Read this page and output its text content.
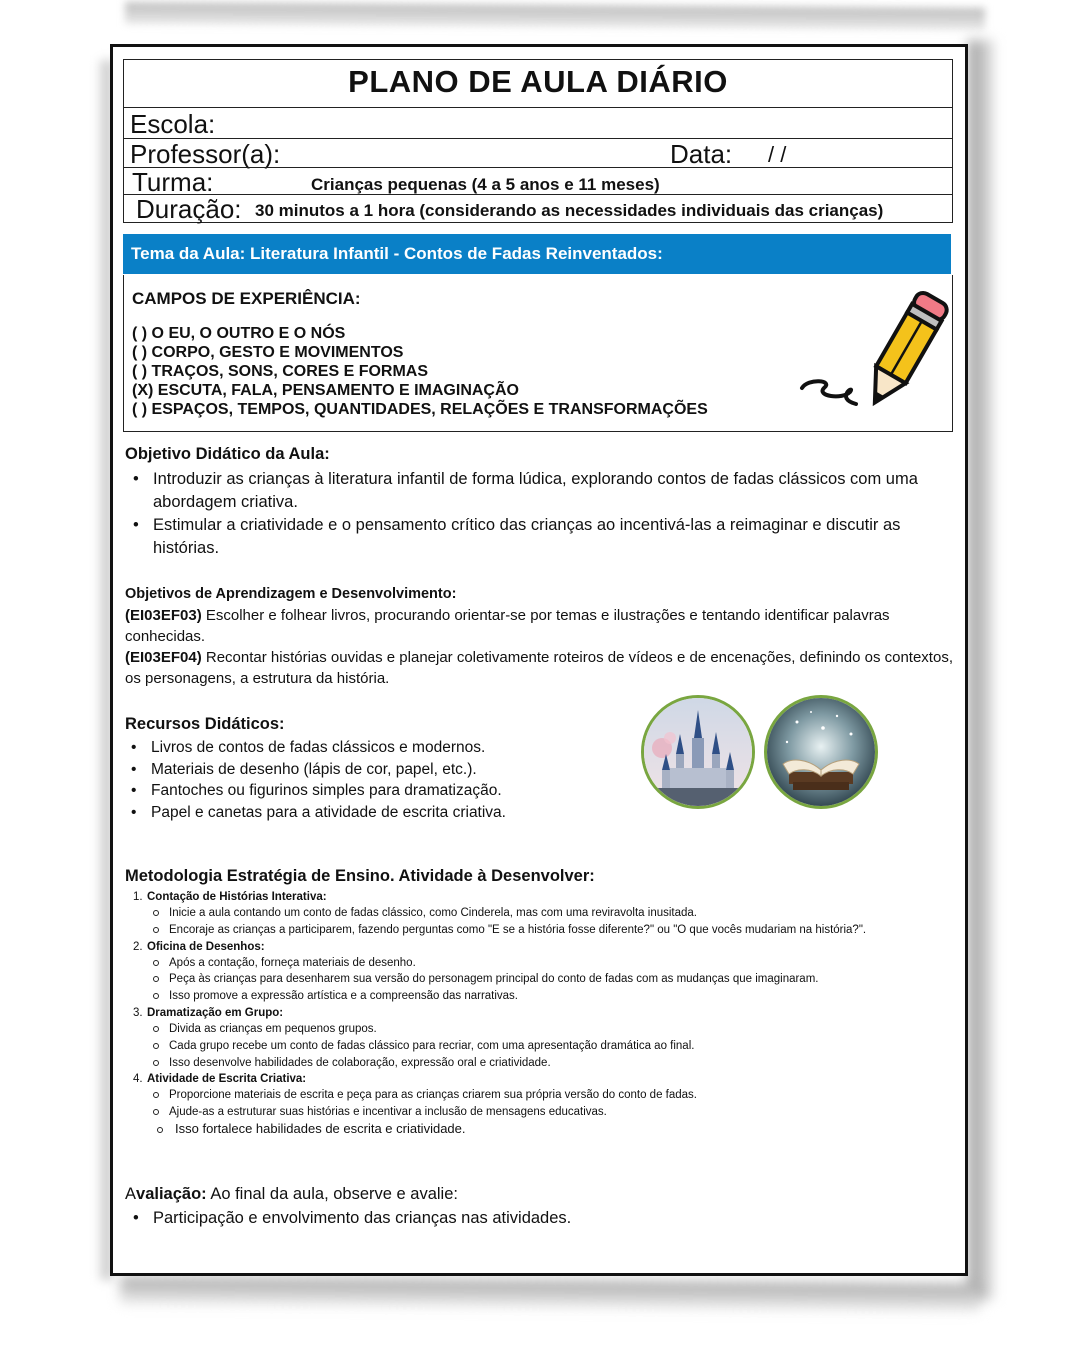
PLANO DE AULA DIÁRIO
Escola:
Professor(a):	Data: / /
Turma:	Crianças pequenas (4 a 5 anos e 11 meses)
Duração: 30 minutos a 1 hora (considerando as necessidades individuais das crianças)
Tema da Aula: Literatura Infantil - Contos de Fadas Reinventados:
CAMPOS DE EXPERIÊNCIA:
( ) O EU, O OUTRO E O NÓS
( ) CORPO, GESTO E MOVIMENTOS
( ) TRAÇOS, SONS, CORES E FORMAS
(X) ESCUTA, FALA, PENSAMENTO E IMAGINAÇÃO
( ) ESPAÇOS, TEMPOS, QUANTIDADES, RELAÇÕES E TRANSFORMAÇÕES
Objetivo Didático da Aula:
• Introduzir as crianças à literatura infantil de forma lúdica, explorando contos de fadas clássicos com uma abordagem criativa.
• Estimular a criatividade e o pensamento crítico das crianças ao incentivá-las a reimaginar e discutir as histórias.
Objetivos de Aprendizagem e Desenvolvimento:
(EI03EF03) Escolher e folhear livros, procurando orientar-se por temas e ilustrações e tentando identificar palavras conhecidas.
(EI03EF04) Recontar histórias ouvidas e planejar coletivamente roteiros de vídeos e de encenações, definindo os contextos, os personagens, a estrutura da história.
Recursos Didáticos:
• Livros de contos de fadas clássicos e modernos.
• Materiais de desenho (lápis de cor, papel, etc.).
• Fantoches ou figurinos simples para dramatização.
• Papel e canetas para a atividade de escrita criativa.
Metodologia Estratégia de Ensino. Atividade à Desenvolver:
1. Contação de Histórias Interativa:
Inicie a aula contando um conto de fadas clássico, como Cinderela, mas com uma reviravolta inusitada.
Encoraje as crianças a participarem, fazendo perguntas como "E se a história fosse diferente?" ou "O que vocês mudariam na história?".
2. Oficina de Desenhos:
Após a contação, forneça materiais de desenho.
Peça às crianças para desenharem sua versão do personagem principal do conto de fadas com as mudanças que imaginaram.
Isso promove a expressão artística e a compreensão das narrativas.
3. Dramatização em Grupo:
Divida as crianças em pequenos grupos.
Cada grupo recebe um conto de fadas clássico para recriar, com uma apresentação dramática ao final.
Isso desenvolve habilidades de colaboração, expressão oral e criatividade.
4. Atividade de Escrita Criativa:
Proporcione materiais de escrita e peça para as crianças criarem sua própria versão do conto de fadas.
Ajude-as a estruturar suas histórias e incentivar a inclusão de mensagens educativas.
Isso fortalece habilidades de escrita e criatividade.
Avaliação: Ao final da aula, observe e avalie:
• Participação e envolvimento das crianças nas atividades.
